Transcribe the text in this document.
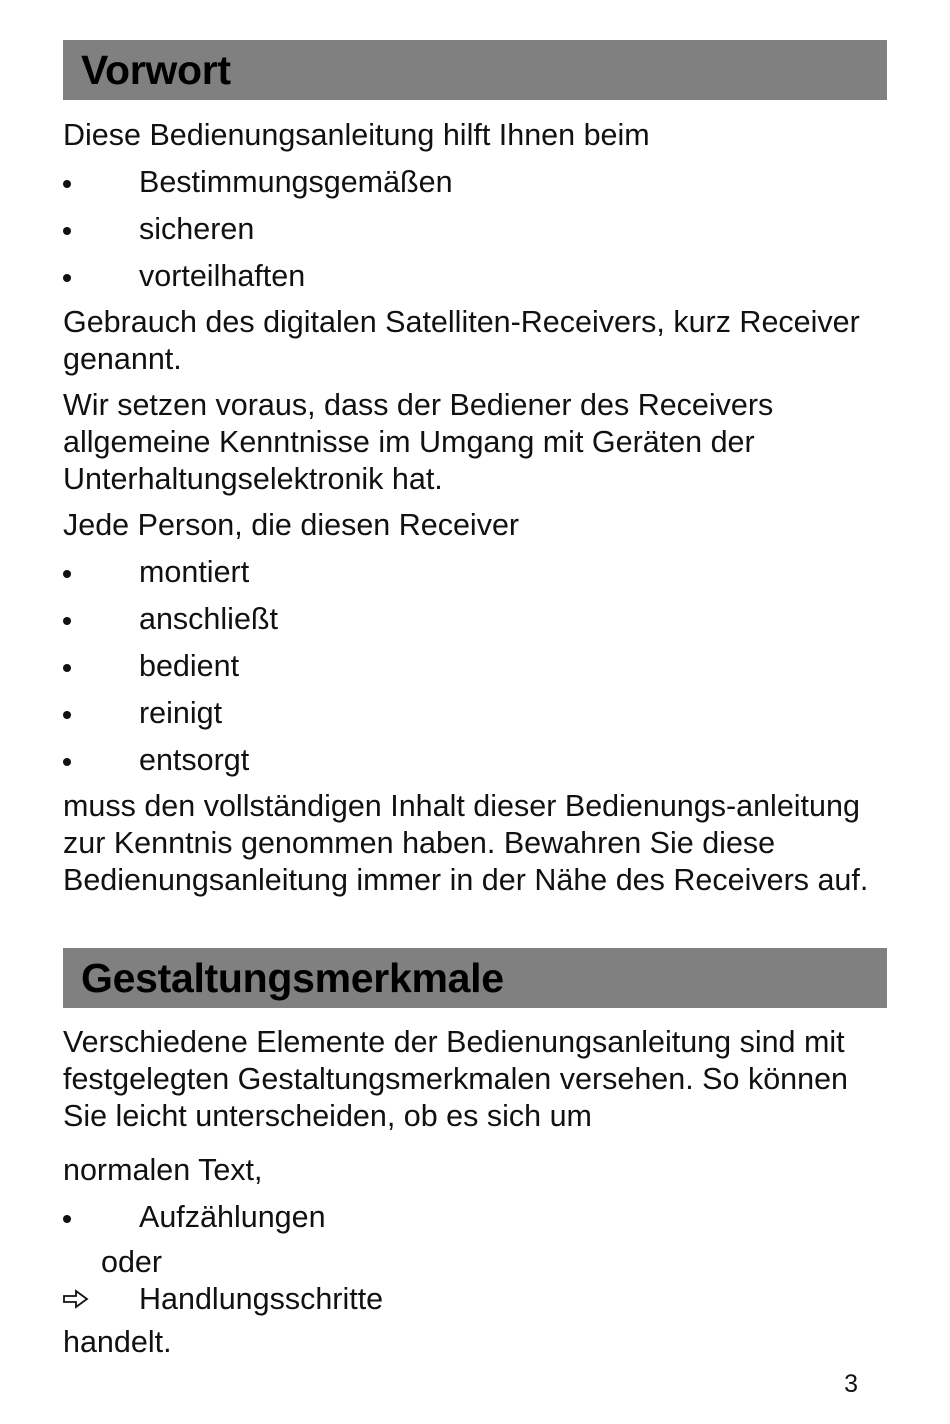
Vorwort

Diese Bedienungsanleitung hilft Ihnen beim

Bestimmungsgemäßen
sicheren
vorteilhaften

Gebrauch des digitalen Satelliten-Receivers, kurz Receiver genannt.

Wir setzen voraus, dass der Bediener des Receivers allgemeine Kenntnisse im Umgang mit Geräten der Unterhaltungselektronik hat.

Jede Person, die diesen Receiver

montiert
anschließt
bedient
reinigt
entsorgt

muss den vollständigen Inhalt dieser Bedienungs-anleitung zur Kenntnis genommen haben. Bewahren Sie diese Bedienungsanleitung immer in der Nähe des Receivers auf.

Gestaltungsmerkmale

Verschiedene Elemente der Bedienungsanleitung sind mit festgelegten Gestaltungsmerkmalen versehen. So können Sie leicht unterscheiden, ob es sich um

normalen Text,

Aufzählungen

oder

Handlungsschritte

handelt.

3
